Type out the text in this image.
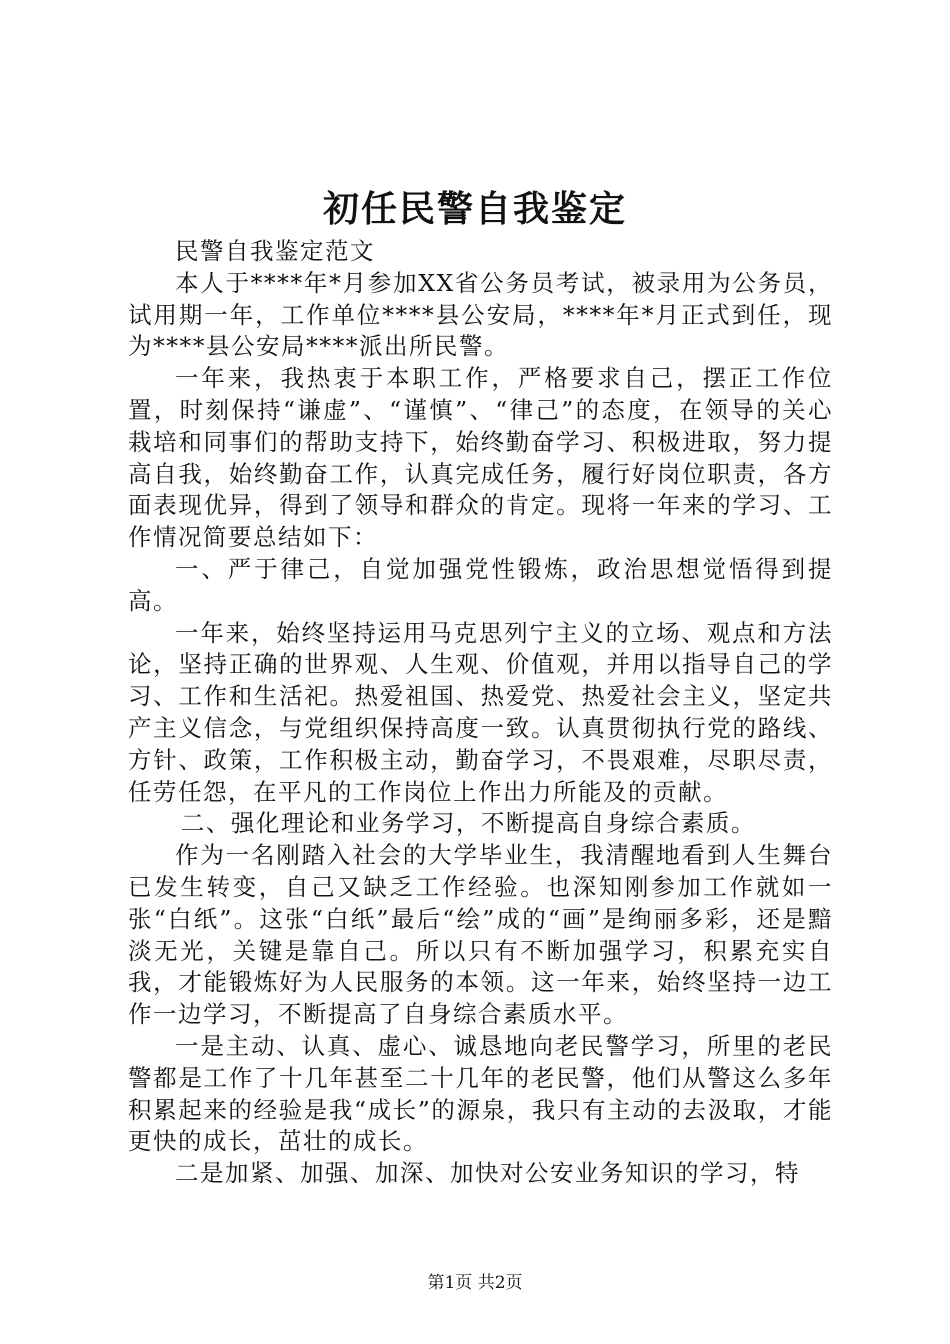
初任民警自我鉴定

民警自我鉴定范文

本人于****年*月参加XX省公务员考试，被录用为公务员，试用期一年，工作单位****县公安局，****年*月正式到任，现为****县公安局****派出所民警。

一年来，我热衷于本职工作，严格要求自己，摆正工作位置，时刻保持“谦虚”、“谨慎”、“律己”的态度，在领导的关心栽培和同事们的帮助支持下，始终勤奋学习、积极进取，努力提高自我，始终勤奋工作，认真完成任务，履行好岗位职责，各方面表现优异，得到了领导和群众的肯定。现将一年来的学习、工作情况简要总结如下：

一、严于律己，自觉加强党性锻炼，政治思想觉悟得到提高。

一年来，始终坚持运用马克思列宁主义的立场、观点和方法论，坚持正确的世界观、人生观、价值观，并用以指导自己的学习、工作和生活祀。热爱祖国、热爱党、热爱社会主义，坚定共产主义信念，与党组织保持高度一致。认真贯彻执行党的路线、方针、政策，工作积极主动，勤奋学习，不畏艰难，尽职尽责，任劳任怨，在平凡的工作岗位上作出力所能及的贡献。

二、强化理论和业务学习，不断提高自身综合素质。

作为一名刚踏入社会的大学毕业生，我清醒地看到人生舞台已发生转变，自己又缺乏工作经验。也深知刚参加工作就如一张“白纸”。这张“白纸”最后“绘”成的“画”是绚丽多彩，还是黯淡无光，关键是靠自己。所以只有不断加强学习，积累充实自我，才能锻炼好为人民服务的本领。这一年来，始终坚持一边工作一边学习，不断提高了自身综合素质水平。

一是主动、认真、虚心、诚恳地向老民警学习，所里的老民警都是工作了十几年甚至二十几年的老民警，他们从警这么多年积累起来的经验是我“成长”的源泉，我只有主动的去汲取，才能更快的成长，茁壮的成长。

二是加紧、加强、加深、加快对公安业务知识的学习，特

第1页 共2页
